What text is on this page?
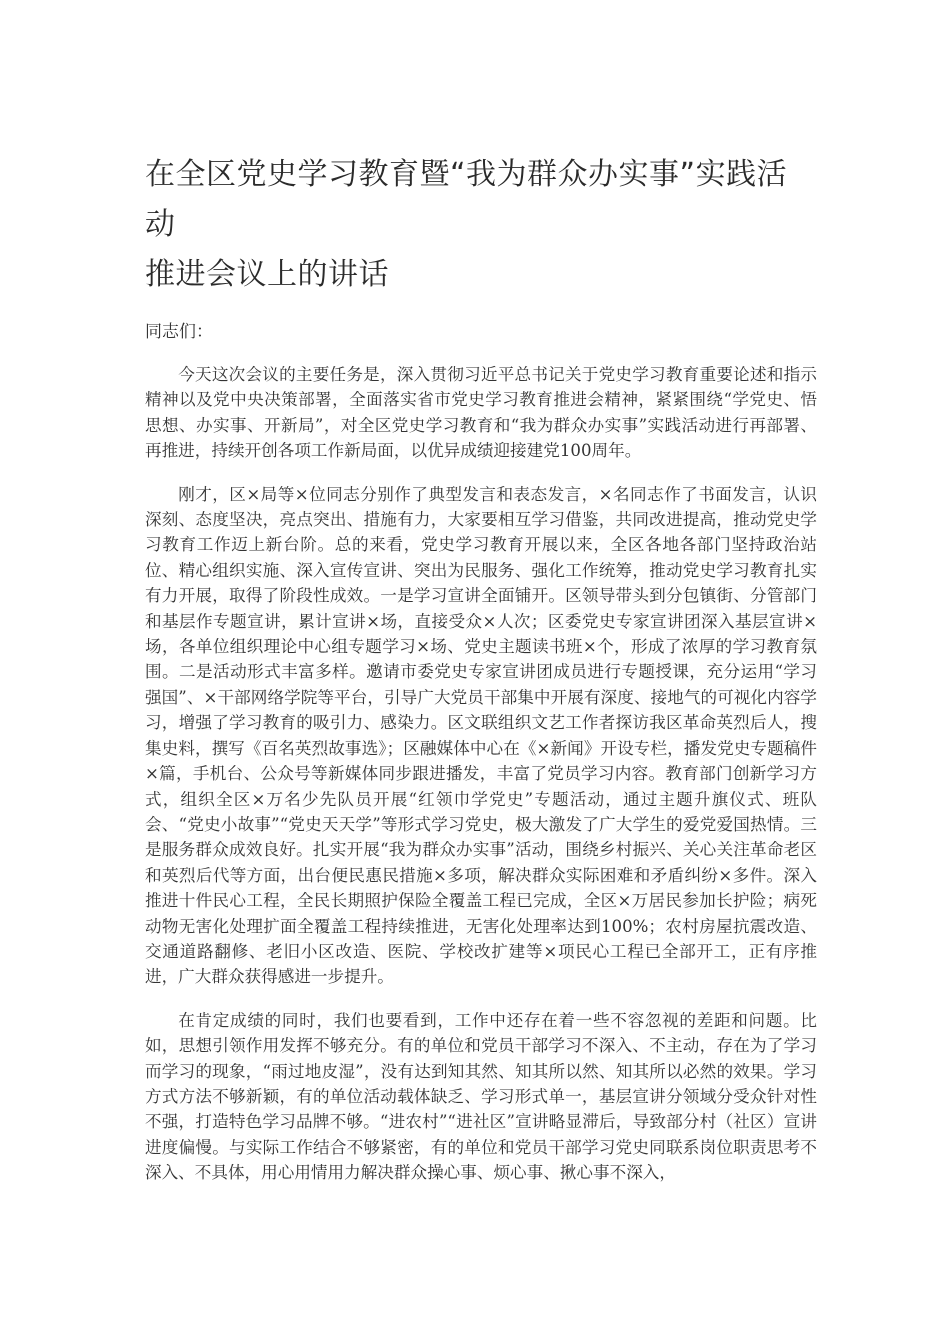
在全区党史学习教育暨“我为群众办实事”实践活动
推进会议上的讲话

同志们：

今天这次会议的主要任务是，深入贯彻习近平总书记关于党史学习教育重要论述和指示精神以及党中央决策部署，全面落实省市党史学习教育推进会精神，紧紧围绕“学党史、悟思想、办实事、开新局”，对全区党史学习教育和“我为群众办实事”实践活动进行再部署、再推进，持续开创各项工作新局面，以优异成绩迎接建党100周年。

刚才，区×局等×位同志分别作了典型发言和表态发言，×名同志作了书面发言，认识深刻、态度坚决，亮点突出、措施有力，大家要相互学习借鉴，共同改进提高，推动党史学习教育工作迈上新台阶。总的来看，党史学习教育开展以来，全区各地各部门坚持政治站位、精心组织实施、深入宣传宣讲、突出为民服务、强化工作统筹，推动党史学习教育扎实有力开展，取得了阶段性成效。一是学习宣讲全面铺开。区领导带头到分包镇街、分管部门和基层作专题宣讲，累计宣讲×场，直接受众×人次；区委党史专家宣讲团深入基层宣讲×场，各单位组织理论中心组专题学习×场、党史主题读书班×个，形成了浓厚的学习教育氛围。二是活动形式丰富多样。邀请市委党史专家宣讲团成员进行专题授课，充分运用“学习强国”、×干部网络学院等平台，引导广大党员干部集中开展有深度、接地气的可视化内容学习，增强了学习教育的吸引力、感染力。区文联组织文艺工作者探访我区革命英烈后人，搜集史料，撰写《百名英烈故事选》；区融媒体中心在《×新闻》开设专栏，播发党史专题稿件×篇，手机台、公众号等新媒体同步跟进播发，丰富了党员学习内容。教育部门创新学习方式，组织全区×万名少先队员开展“红领巾学党史”专题活动，通过主题升旗仪式、班队会、“党史小故事”“党史天天学”等形式学习党史，极大激发了广大学生的爱党爱国热情。三是服务群众成效良好。扎实开展“我为群众办实事”活动，围绕乡村振兴、关心关注革命老区和英烈后代等方面，出台便民惠民措施×多项，解决群众实际困难和矛盾纠纷×多件。深入推进十件民心工程，全民长期照护保险全覆盖工程已完成，全区×万居民参加长护险；病死动物无害化处理扩面全覆盖工程持续推进，无害化处理率达到100%；农村房屋抗震改造、交通道路翻修、老旧小区改造、医院、学校改扩建等×项民心工程已全部开工，正有序推进，广大群众获得感进一步提升。

在肯定成绩的同时，我们也要看到，工作中还存在着一些不容忽视的差距和问题。比如，思想引领作用发挥不够充分。有的单位和党员干部学习不深入、不主动，存在为了学习而学习的现象，“雨过地皮湿”，没有达到知其然、知其所以然、知其所以必然的效果。学习方式方法不够新颖，有的单位活动载体缺乏、学习形式单一，基层宣讲分领域分受众针对性不强，打造特色学习品牌不够。“进农村”“进社区”宣讲略显滞后，导致部分村（社区）宣讲进度偏慢。与实际工作结合不够紧密，有的单位和党员干部学习党史同联系岗位职责思考不深入、不具体，用心用情用力解决群众操心事、烦心事、揪心事不深入，
